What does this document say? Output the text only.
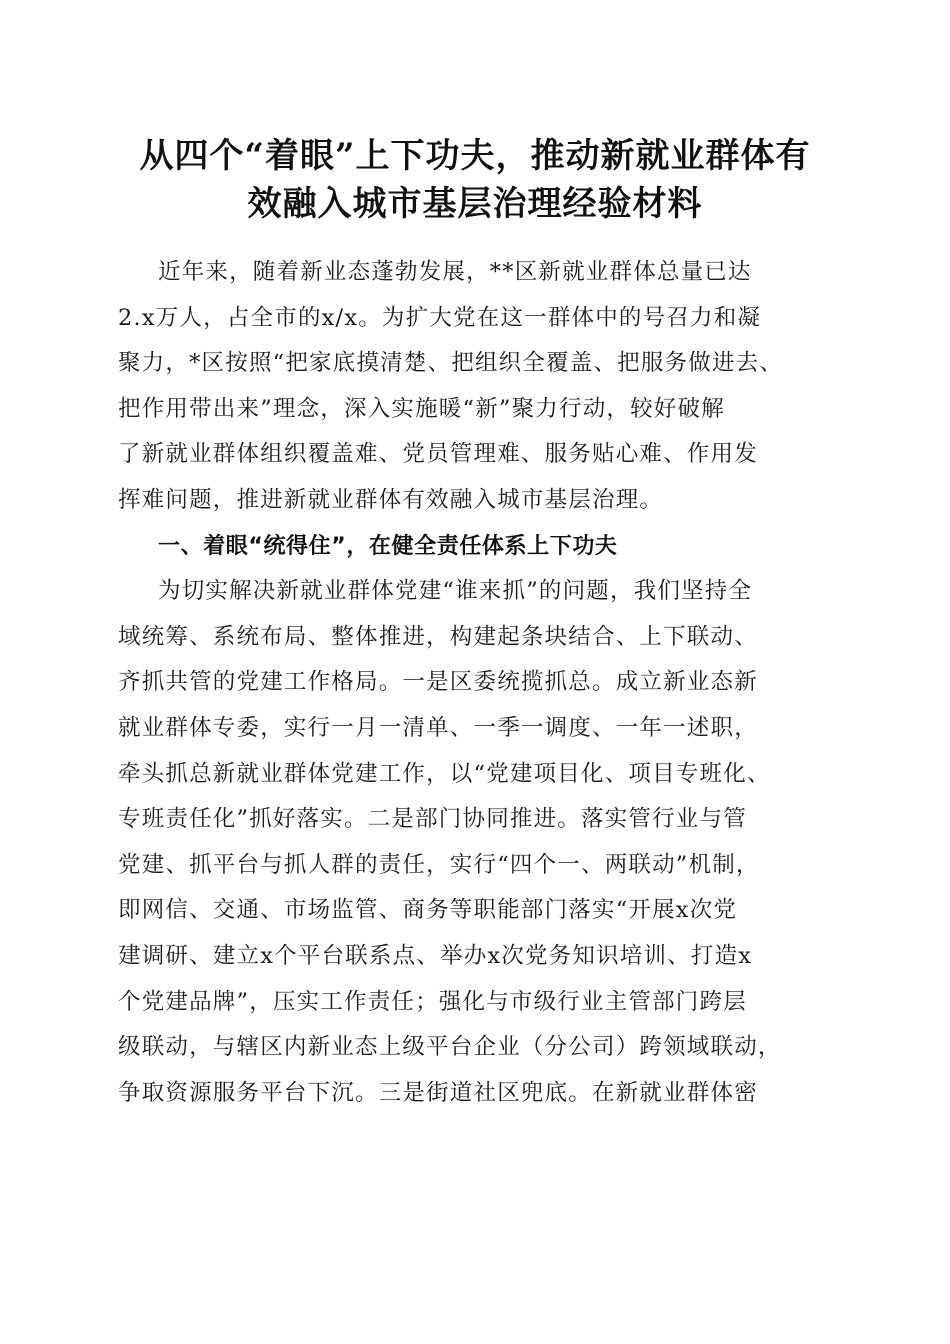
从四个“着眼”上下功夫，推动新就业群体有
效融入城市基层治理经验材料
近年来，随着新业态蓬勃发展，**区新就业群体总量已达
2.x万人，占全市的x/x。为扩大党在这一群体中的号召力和凝
聚力，*区按照“把家底摸清楚、把组织全覆盖、把服务做进去、
把作用带出来”理念，深入实施暖“新”聚力行动，较好破解
了新就业群体组织覆盖难、党员管理难、服务贴心难、作用发
挥难问题，推进新就业群体有效融入城市基层治理。
一、着眼“统得住”，在健全责任体系上下功夫
为切实解决新就业群体党建“谁来抓”的问题，我们坚持全
域统筹、系统布局、整体推进，构建起条块结合、上下联动、
齐抓共管的党建工作格局。一是区委统揽抓总。成立新业态新
就业群体专委，实行一月一清单、一季一调度、一年一述职，
牵头抓总新就业群体党建工作，以“党建项目化、项目专班化、
专班责任化”抓好落实。二是部门协同推进。落实管行业与管
党建、抓平台与抓人群的责任，实行“四个一、两联动”机制，
即网信、交通、市场监管、商务等职能部门落实“开展x次党
建调研、建立x个平台联系点、举办x次党务知识培训、打造x
个党建品牌”，压实工作责任；强化与市级行业主管部门跨层
级联动，与辖区内新业态上级平台企业（分公司）跨领域联动，
争取资源服务平台下沉。三是街道社区兜底。在新就业群体密
